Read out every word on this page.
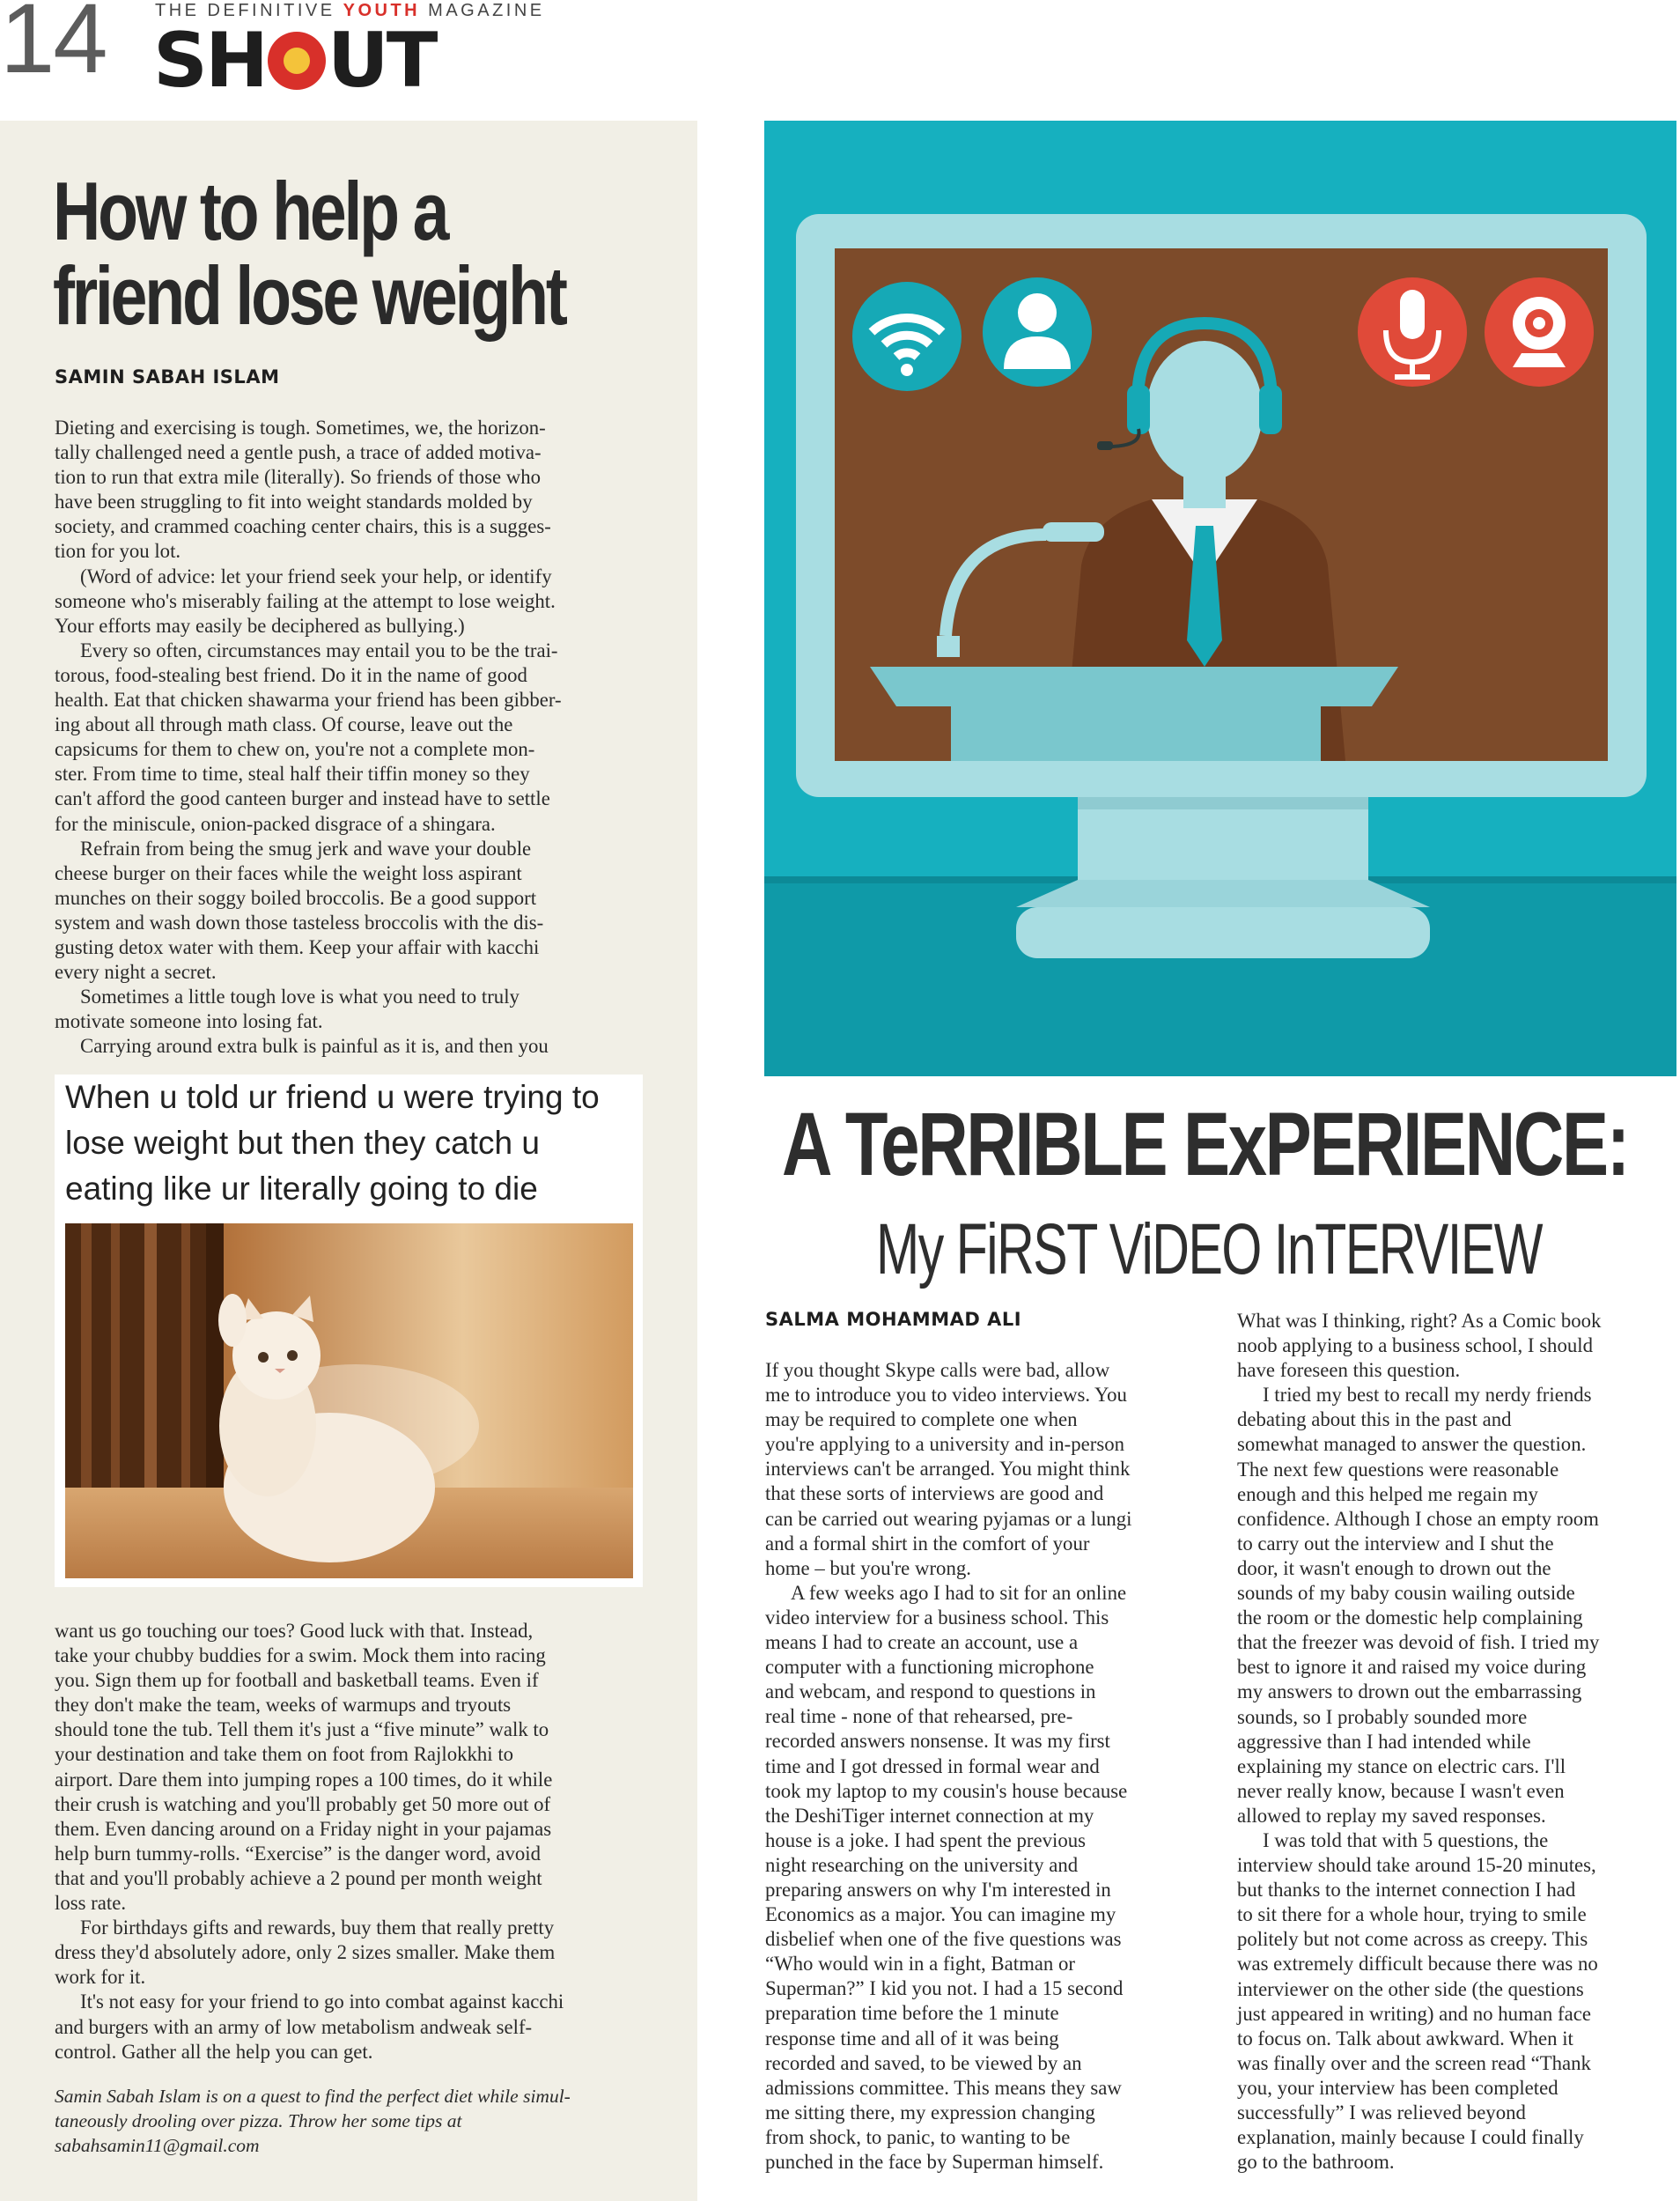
14	THE DEFINITIVE YOUTH MAGAZINE
SH UT
How to help a
friend lose weight
SAMIN SABAH ISLAM
Dieting and exercising is tough. Sometimes, we, the horizon-
tally challenged need a gentle push, a trace of added motiva-
tion to run that extra mile (literally). So friends of those who
have been struggling to fit into weight standards molded by
society, and crammed coaching center chairs, this is a sugges-
tion for you lot.
(Word of advice: let your friend seek your help, or identify
someone who's miserably failing at the attempt to lose weight.
Your efforts may easily be deciphered as bullying.)
Every so often, circumstances may entail you to be the trai-
torous, food-stealing best friend. Do it in the name of good
health. Eat that chicken shawarma your friend has been gibber-
ing about all through math class. Of course, leave out the
capsicums for them to chew on, you're not a complete mon-
ster. From time to time, steal half their tiffin money so they
can't afford the good canteen burger and instead have to settle
for the miniscule, onion-packed disgrace of a shingara.
Refrain from being the smug jerk and wave your double
cheese burger on their faces while the weight loss aspirant
munches on their soggy boiled broccolis. Be a good support
system and wash down those tasteless broccolis with the dis-
gusting detox water with them. Keep your affair with kacchi
every night a secret.
Sometimes a little tough love is what you need to truly
motivate someone into losing fat.
Carrying around extra bulk is painful as it is, and then you
When u told ur friend u were trying to
lose weight but then they catch u
eating like ur literally going to die
want us go touching our toes? Good luck with that. Instead,
take your chubby buddies for a swim. Mock them into racing
you. Sign them up for football and basketball teams. Even if
they don't make the team, weeks of warmups and tryouts
should tone the tub. Tell them it's just a “five minute” walk to
your destination and take them on foot from Rajlokkhi to
airport. Dare them into jumping ropes a 100 times, do it while
their crush is watching and you'll probably get 50 more out of
them. Even dancing around on a Friday night in your pajamas
help burn tummy-rolls. “Exercise” is the danger word, avoid
that and you'll probably achieve a 2 pound per month weight
loss rate.
For birthdays gifts and rewards, buy them that really pretty
dress they'd absolutely adore, only 2 sizes smaller. Make them
work for it.
It's not easy for your friend to go into combat against kacchi
and burgers with an army of low metabolism andweak self-
control. Gather all the help you can get.
Samin Sabah Islam is on a quest to find the perfect diet while simul-
taneously drooling over pizza. Throw her some tips at
sabahsamin11@gmail.com
A TeRRIBLE ExPERIENCE:
My FiRST ViDEO InTERVIEW
SALMA MOHAMMAD ALI
If you thought Skype calls were bad, allow
me to introduce you to video interviews. You
may be required to complete one when
you're applying to a university and in-person
interviews can't be arranged. You might think
that these sorts of interviews are good and
can be carried out wearing pyjamas or a lungi
and a formal shirt in the comfort of your
home – but you're wrong.
A few weeks ago I had to sit for an online
video interview for a business school. This
means I had to create an account, use a
computer with a functioning microphone
and webcam, and respond to questions in
real time - none of that rehearsed, pre-
recorded answers nonsense. It was my first
time and I got dressed in formal wear and
took my laptop to my cousin's house because
the DeshiTiger internet connection at my
house is a joke. I had spent the previous
night researching on the university and
preparing answers on why I'm interested in
Economics as a major. You can imagine my
disbelief when one of the five questions was
“Who would win in a fight, Batman or
Superman?” I kid you not. I had a 15 second
preparation time before the 1 minute
response time and all of it was being
recorded and saved, to be viewed by an
admissions committee. This means they saw
me sitting there, my expression changing
from shock, to panic, to wanting to be
punched in the face by Superman himself.
What was I thinking, right? As a Comic book
noob applying to a business school, I should
have foreseen this question.
I tried my best to recall my nerdy friends
debating about this in the past and
somewhat managed to answer the question.
The next few questions were reasonable
enough and this helped me regain my
confidence. Although I chose an empty room
to carry out the interview and I shut the
door, it wasn't enough to drown out the
sounds of my baby cousin wailing outside
the room or the domestic help complaining
that the freezer was devoid of fish. I tried my
best to ignore it and raised my voice during
my answers to drown out the embarrassing
sounds, so I probably sounded more
aggressive than I had intended while
explaining my stance on electric cars. I'll
never really know, because I wasn't even
allowed to replay my saved responses.
I was told that with 5 questions, the
interview should take around 15-20 minutes,
but thanks to the internet connection I had
to sit there for a whole hour, trying to smile
politely but not come across as creepy. This
was extremely difficult because there was no
interviewer on the other side (the questions
just appeared in writing) and no human face
to focus on. Talk about awkward. When it
was finally over and the screen read “Thank
you, your interview has been completed
successfully” I was relieved beyond
explanation, mainly because I could finally
go to the bathroom.
